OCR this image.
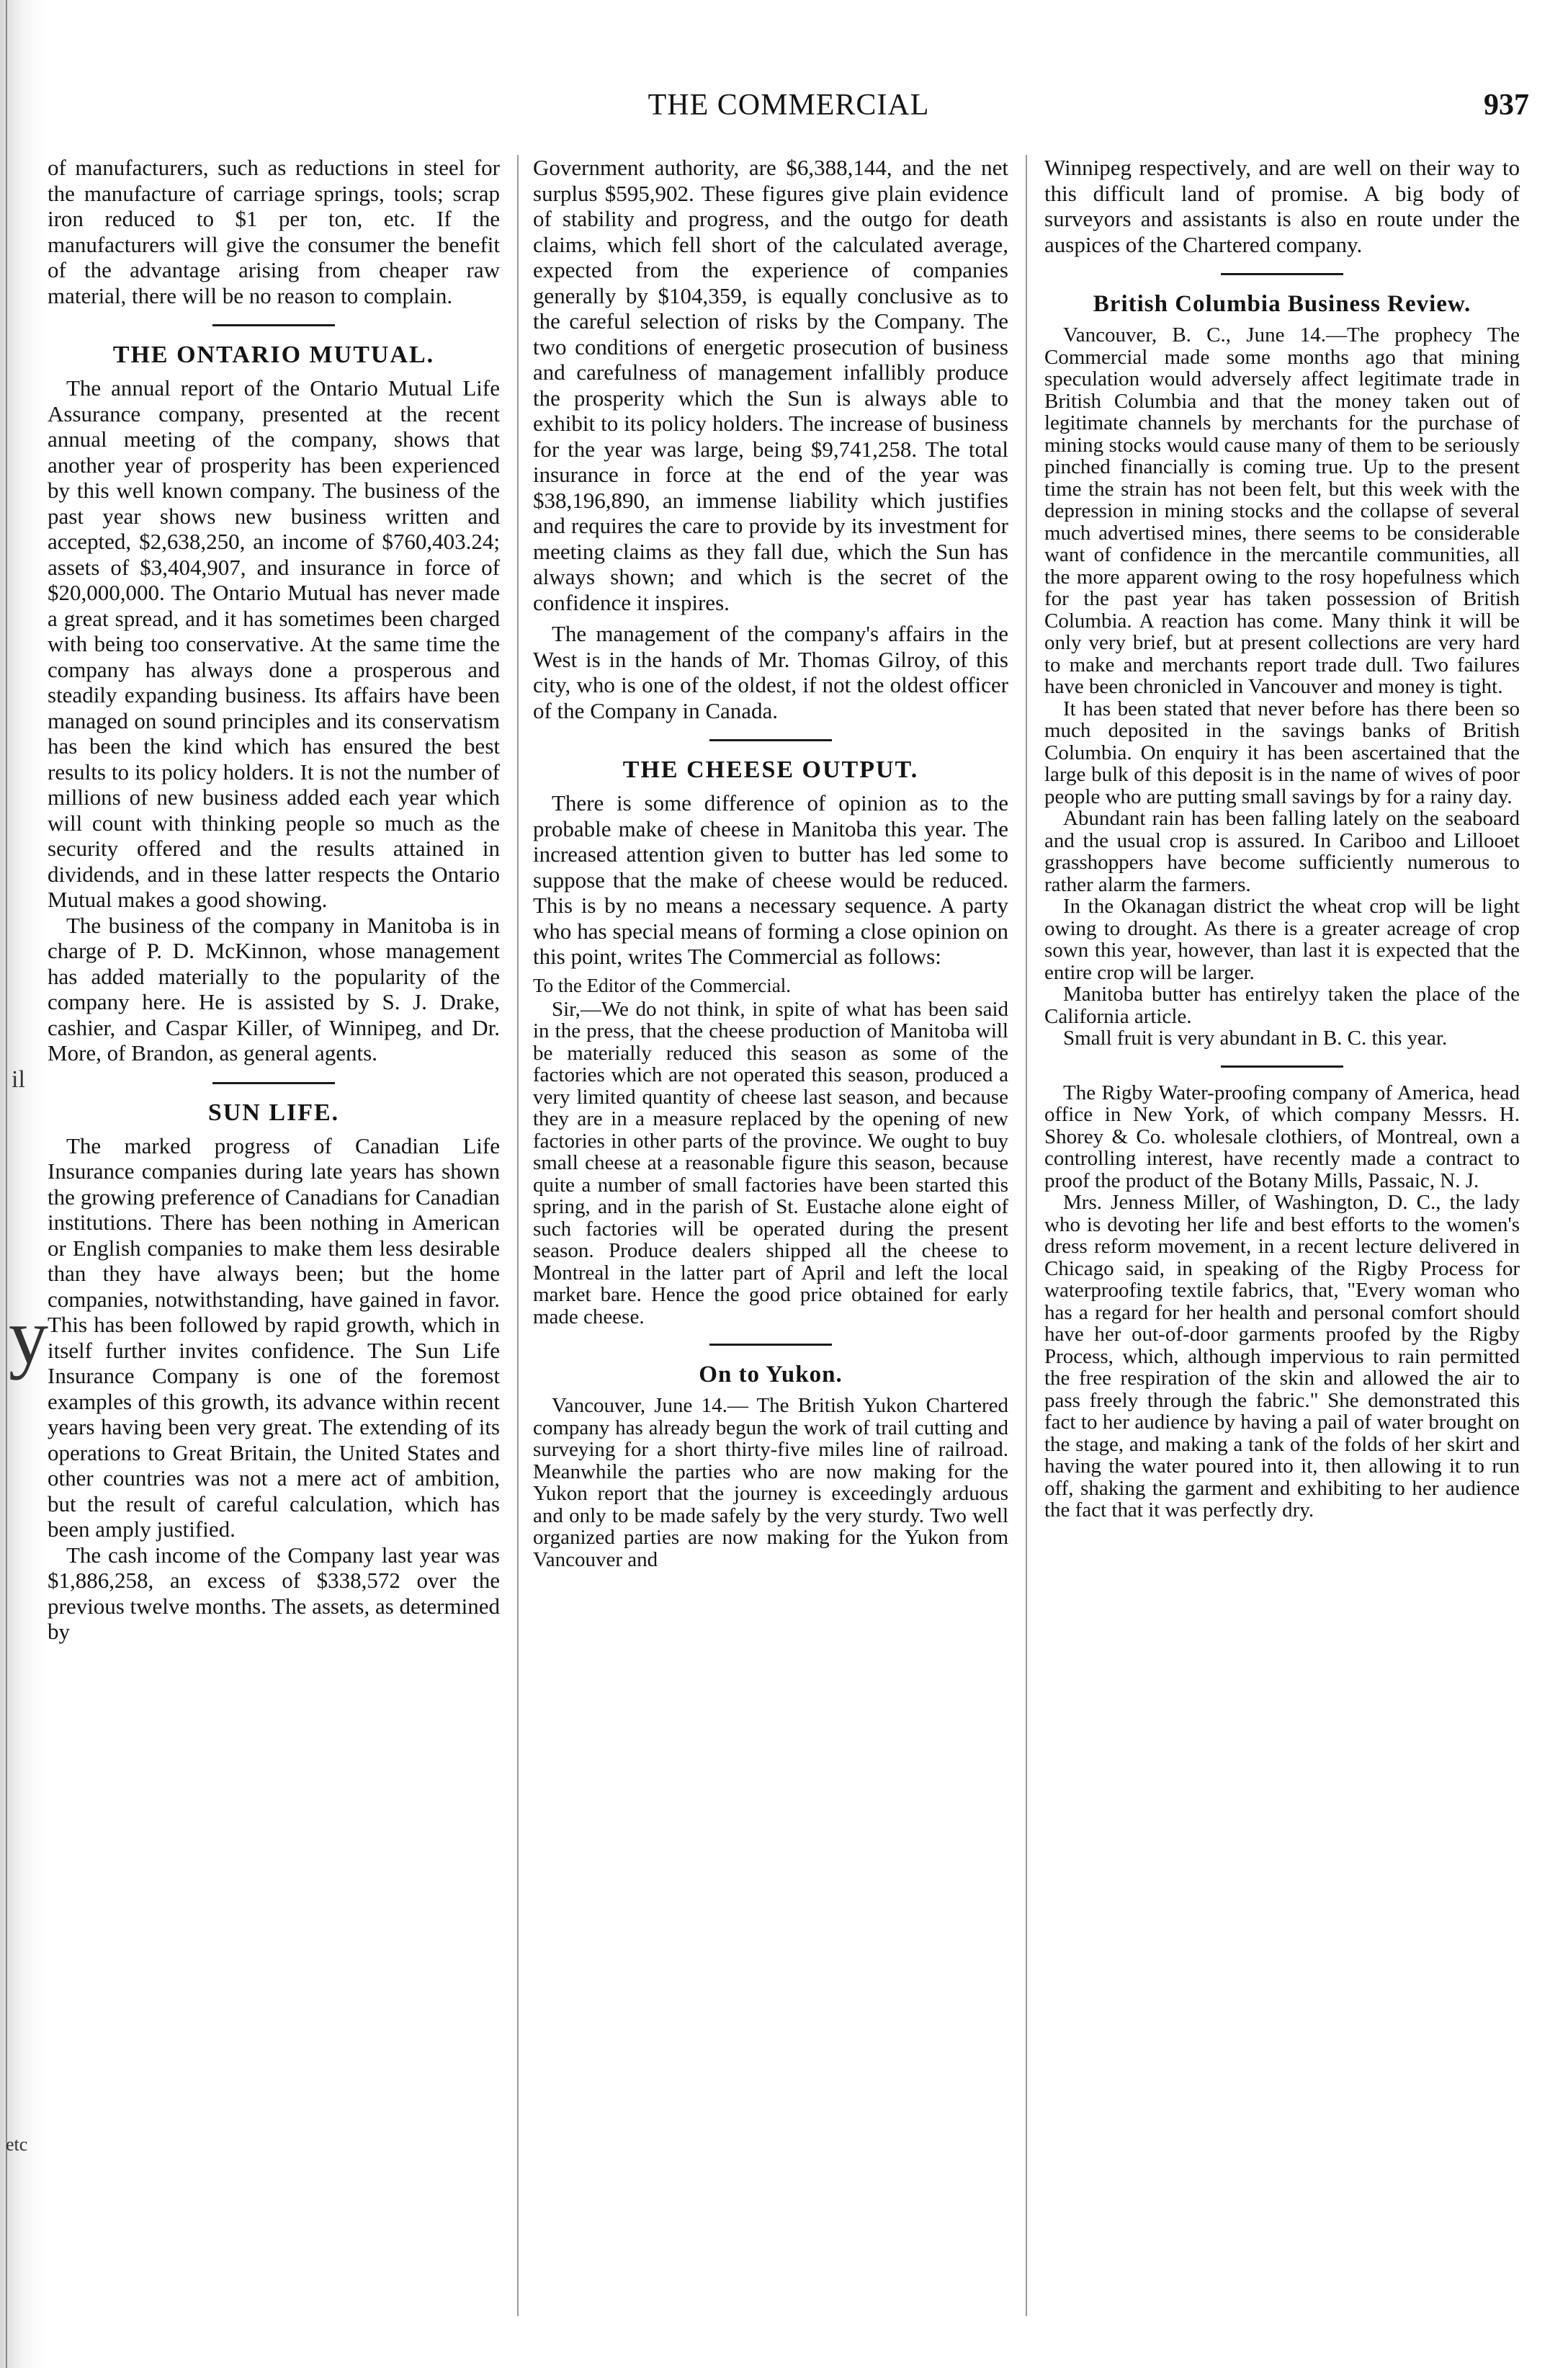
il
y
etc
THE COMMERCIAL	937

of manufacturers, such as reductions in steel for the manufacture of carriage springs, tools; scrap iron reduced to $1 per ton, etc. If the manufacturers will give the consumer the benefit of the advantage arising from cheaper raw material, there will be no reason to complain.

THE ONTARIO MUTUAL.

The annual report of the Ontario Mutual Life Assurance company, presented at the recent annual meeting of the company, shows that another year of prosperity has been experienced by this well known company. The business of the past year shows new business written and accepted, $2,638,250, an income of $760,403.24; assets of $3,404,907, and insurance in force of $20,000,000. The Ontario Mutual has never made a great spread, and it has sometimes been charged with being too conservative. At the same time the company has always done a prosperous and steadily expanding business. Its affairs have been managed on sound principles and its conservatism has been the kind which has ensured the best results to its policy holders. It is not the number of millions of new business added each year which will count with thinking people so much as the security offered and the results attained in dividends, and in these latter respects the Ontario Mutual makes a good showing.

The business of the company in Manitoba is in charge of P. D. McKinnon, whose management has added materially to the popularity of the company here. He is assisted by S. J. Drake, cashier, and Caspar Killer, of Winnipeg, and Dr. More, of Brandon, as general agents.

SUN LIFE.

The marked progress of Canadian Life Insurance companies during late years has shown the growing preference of Canadians for Canadian institutions. There has been nothing in American or English companies to make them less desirable than they have always been; but the home companies, notwithstanding, have gained in favor. This has been followed by rapid growth, which in itself further invites confidence. The Sun Life Insurance Company is one of the foremost examples of this growth, its advance within recent years having been very great. The extending of its operations to Great Britain, the United States and other countries was not a mere act of ambition, but the result of careful calculation, which has been amply justified.

The cash income of the Company last year was $1,886,258, an excess of $338,572 over the previous twelve months. The assets, as determined by

Government authority, are $6,388,144, and the net surplus $595,902. These figures give plain evidence of stability and progress, and the outgo for death claims, which fell short of the calculated average, expected from the experience of companies generally by $104,359, is equally conclusive as to the careful selection of risks by the Company. The two conditions of energetic prosecution of business and carefulness of management infallibly produce the prosperity which the Sun is always able to exhibit to its policy holders. The increase of business for the year was large, being $9,741,258. The total insurance in force at the end of the year was $38,196,890, an immense liability which justifies and requires the care to provide by its investment for meeting claims as they fall due, which the Sun has always shown; and which is the secret of the confidence it inspires.

The management of the company's affairs in the West is in the hands of Mr. Thomas Gilroy, of this city, who is one of the oldest, if not the oldest officer of the Company in Canada.

THE CHEESE OUTPUT.

There is some difference of opinion as to the probable make of cheese in Manitoba this year. The increased attention given to butter has led some to suppose that the make of cheese would be reduced. This is by no means a necessary sequence. A party who has special means of forming a close opinion on this point, writes The Commercial as follows:

To the Editor of the Commercial.

Sir,—We do not think, in spite of what has been said in the press, that the cheese production of Manitoba will be materially reduced this season as some of the factories which are not operated this season, produced a very limited quantity of cheese last season, and because they are in a measure replaced by the opening of new factories in other parts of the province. We ought to buy small cheese at a reasonable figure this season, because quite a number of small factories have been started this spring, and in the parish of St. Eustache alone eight of such factories will be operated during the present season. Produce dealers shipped all the cheese to Montreal in the latter part of April and left the local market bare. Hence the good price obtained for early made cheese.

On to Yukon.

Vancouver, June 14.— The British Yukon Chartered company has already begun the work of trail cutting and surveying for a short thirty-five miles line of railroad. Meanwhile the parties who are now making for the Yukon report that the journey is exceedingly arduous and only to be made safely by the very sturdy. Two well organized parties are now making for the Yukon from Vancouver and

Winnipeg respectively, and are well on their way to this difficult land of promise. A big body of surveyors and assistants is also en route under the auspices of the Chartered company.

British Columbia Business Review.

Vancouver, B. C., June 14.—The prophecy The Commercial made some months ago that mining speculation would adversely affect legitimate trade in British Columbia and that the money taken out of legitimate channels by merchants for the purchase of mining stocks would cause many of them to be seriously pinched financially is coming true. Up to the present time the strain has not been felt, but this week with the depression in mining stocks and the collapse of several much advertised mines, there seems to be considerable want of confidence in the mercantile communities, all the more apparent owing to the rosy hopefulness which for the past year has taken possession of British Columbia. A reaction has come. Many think it will be only very brief, but at present collections are very hard to make and merchants report trade dull. Two failures have been chronicled in Vancouver and money is tight.

It has been stated that never before has there been so much deposited in the savings banks of British Columbia. On enquiry it has been ascertained that the large bulk of this deposit is in the name of wives of poor people who are putting small savings by for a rainy day.

Abundant rain has been falling lately on the seaboard and the usual crop is assured. In Cariboo and Lillooet grasshoppers have become sufficiently numerous to rather alarm the farmers.

In the Okanagan district the wheat crop will be light owing to drought. As there is a greater acreage of crop sown this year, however, than last it is expected that the entire crop will be larger.

Manitoba butter has entirelyy taken the place of the California article.

Small fruit is very abundant in B. C. this year.

The Rigby Water-proofing company of America, head office in New York, of which company Messrs. H. Shorey & Co. wholesale clothiers, of Montreal, own a controlling interest, have recently made a contract to proof the product of the Botany Mills, Passaic, N. J.

Mrs. Jenness Miller, of Washington, D. C., the lady who is devoting her life and best efforts to the women's dress reform movement, in a recent lecture delivered in Chicago said, in speaking of the Rigby Process for waterproofing textile fabrics, that, "Every woman who has a regard for her health and personal comfort should have her out-of-door garments proofed by the Rigby Process, which, although impervious to rain permitted the free respiration of the skin and allowed the air to pass freely through the fabric." She demonstrated this fact to her audience by having a pail of water brought on the stage, and making a tank of the folds of her skirt and having the water poured into it, then allowing it to run off, shaking the garment and exhibiting to her audience the fact that it was perfectly dry.
